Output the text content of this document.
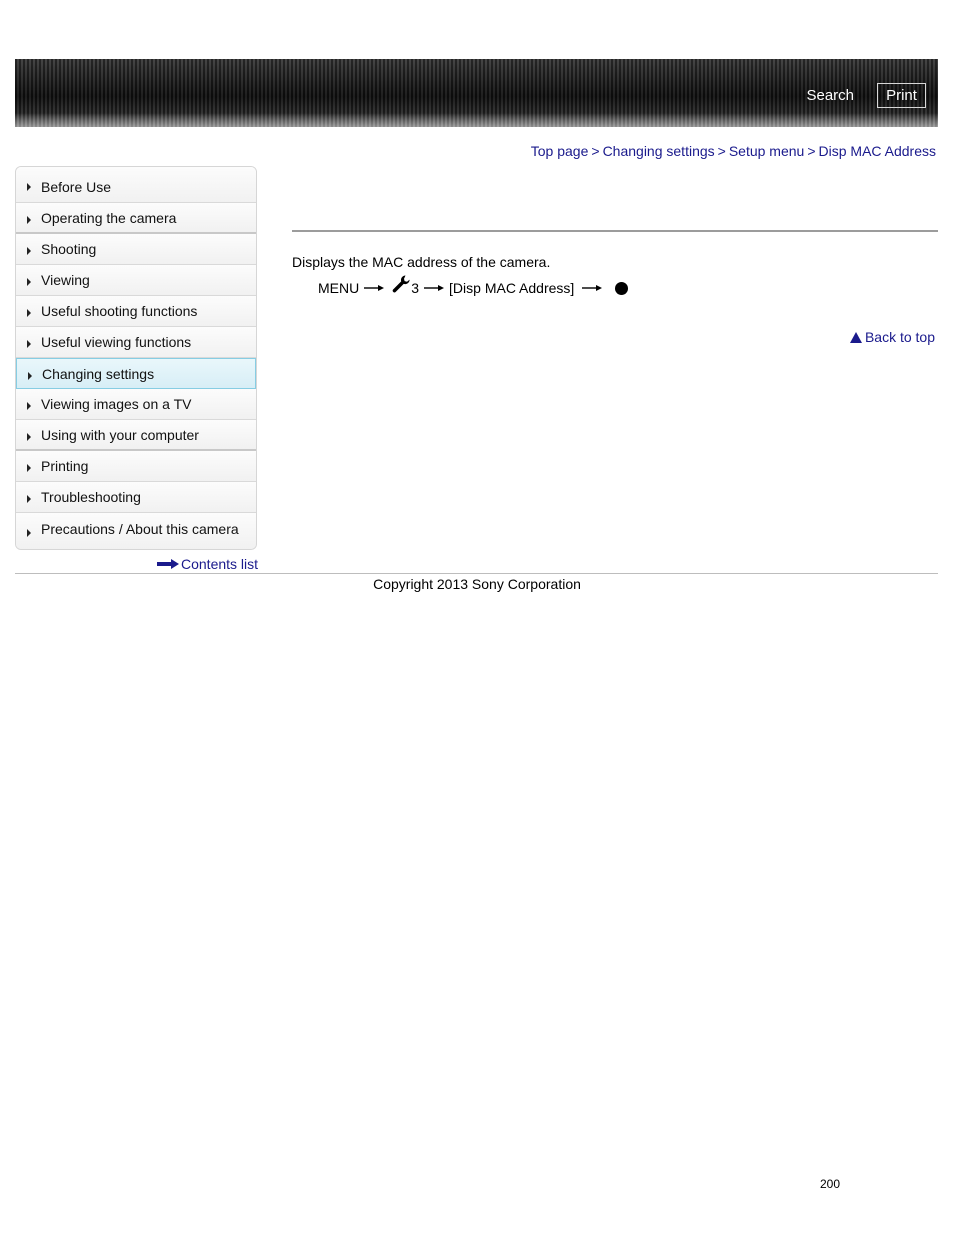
Search	Print
Top page > Changing settings > Setup menu > Disp MAC Address
Before Use
Operating the camera
Shooting
Viewing
Useful shooting functions
Useful viewing functions
Changing settings
Viewing images on a TV
Using with your computer
Printing
Troubleshooting
Precautions / About this camera
Contents list
Displays the MAC address of the camera.
MENU	3 [Disp MAC Address]
Back to top
Copyright 2013 Sony Corporation
200
